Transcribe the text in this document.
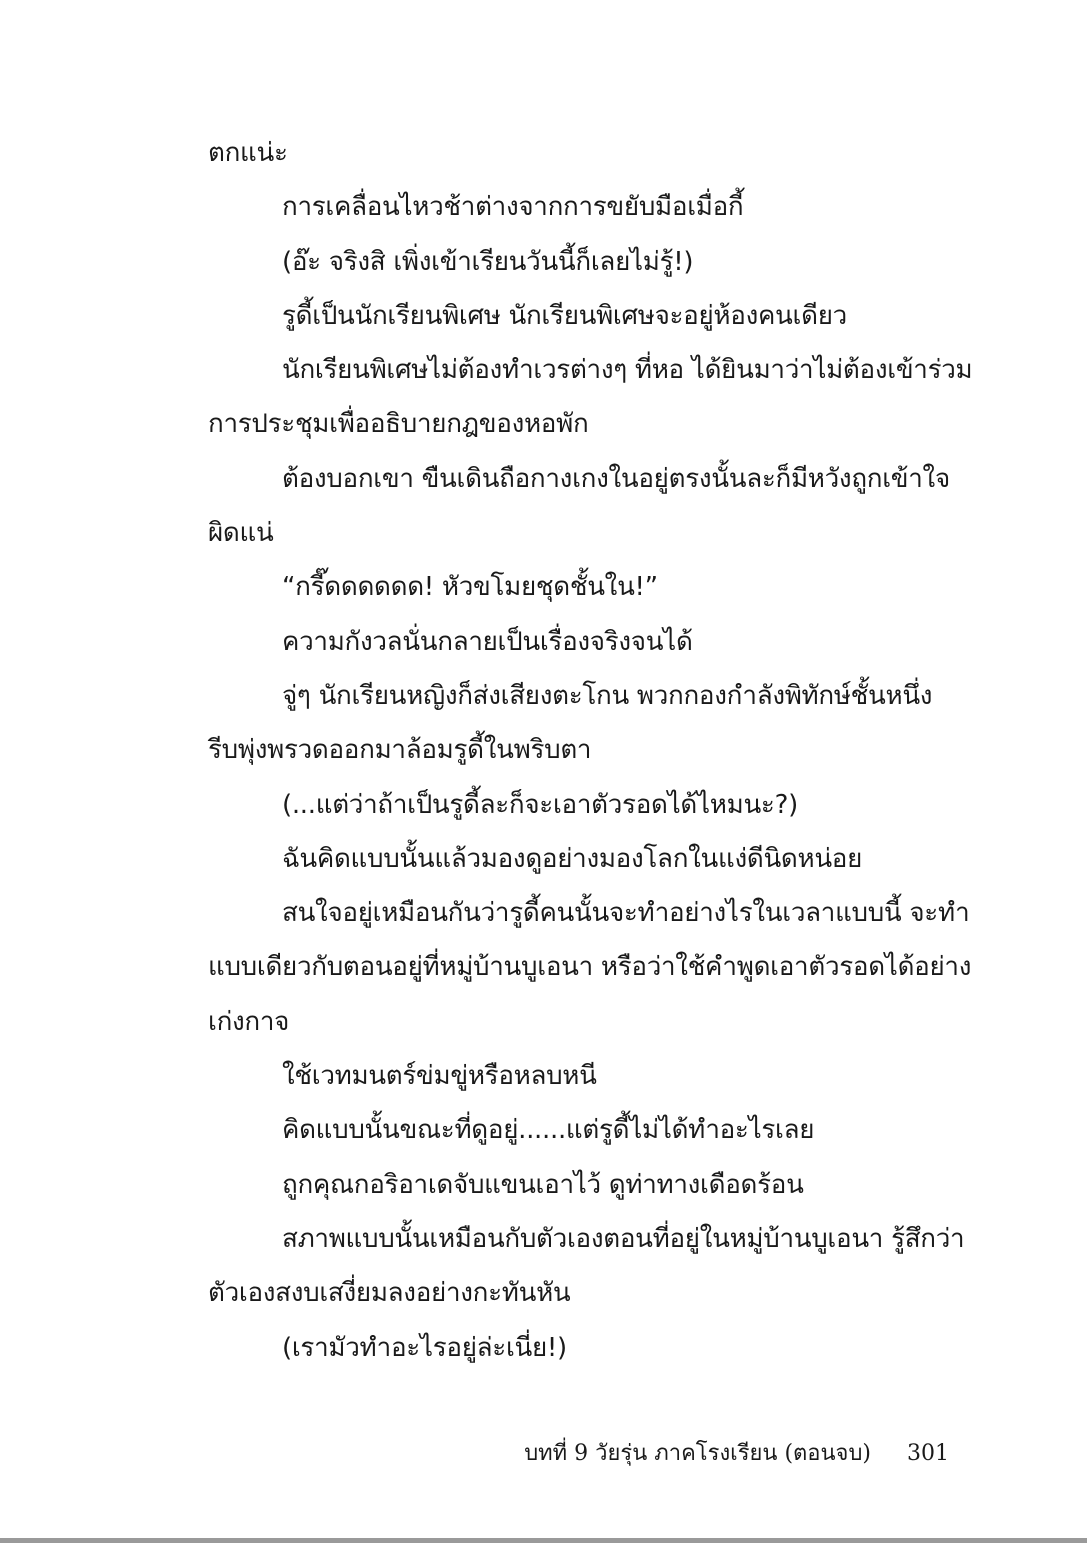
ตกแน่ะ
การเคลื่อนไหวช้าต่างจากการขยับมือเมื่อกี้
(อ๊ะ จริงสิ เพิ่งเข้าเรียนวันนี้ก็เลยไม่รู้!)
รูดี้เป็นนักเรียนพิเศษ นักเรียนพิเศษจะอยู่ห้องคนเดียว
นักเรียนพิเศษไม่ต้องทำเวรต่างๆ ที่หอ ได้ยินมาว่าไม่ต้องเข้าร่วม
การประชุมเพื่ออธิบายกฎของหอพัก
ต้องบอกเขา ขืนเดินถือกางเกงในอยู่ตรงนั้นละก็มีหวังถูกเข้าใจ
ผิดแน่
“กรี๊ดดดดดด! หัวขโมยชุดชั้นใน!”
ความกังวลนั่นกลายเป็นเรื่องจริงจนได้
จู่ๆ นักเรียนหญิงก็ส่งเสียงตะโกน พวกกองกำลังพิทักษ์ชั้นหนึ่ง
รีบพุ่งพรวดออกมาล้อมรูดี้ในพริบตา
(...แต่ว่าถ้าเป็นรูดี้ละก็จะเอาตัวรอดได้ไหมนะ?)
ฉันคิดแบบนั้นแล้วมองดูอย่างมองโลกในแง่ดีนิดหน่อย
สนใจอยู่เหมือนกันว่ารูดี้คนนั้นจะทำอย่างไรในเวลาแบบนี้ จะทำ
แบบเดียวกับตอนอยู่ที่หมู่บ้านบูเอนา หรือว่าใช้คำพูดเอาตัวรอดได้อย่าง
เก่งกาจ
ใช้เวทมนตร์ข่มขู่หรือหลบหนี
คิดแบบนั้นขณะที่ดูอยู่......แต่รูดี้ไม่ได้ทำอะไรเลย
ถูกคุณกอริอาเดจับแขนเอาไว้ ดูท่าทางเดือดร้อน
สภาพแบบนั้นเหมือนกับตัวเองตอนที่อยู่ในหมู่บ้านบูเอนา รู้สึกว่า
ตัวเองสงบเสงี่ยมลงอย่างกะทันหัน
(เรามัวทำอะไรอยู่ล่ะเนี่ย!)
บทที่ 9 วัยรุ่น ภาคโรงเรียน (ตอนจบ) 301
